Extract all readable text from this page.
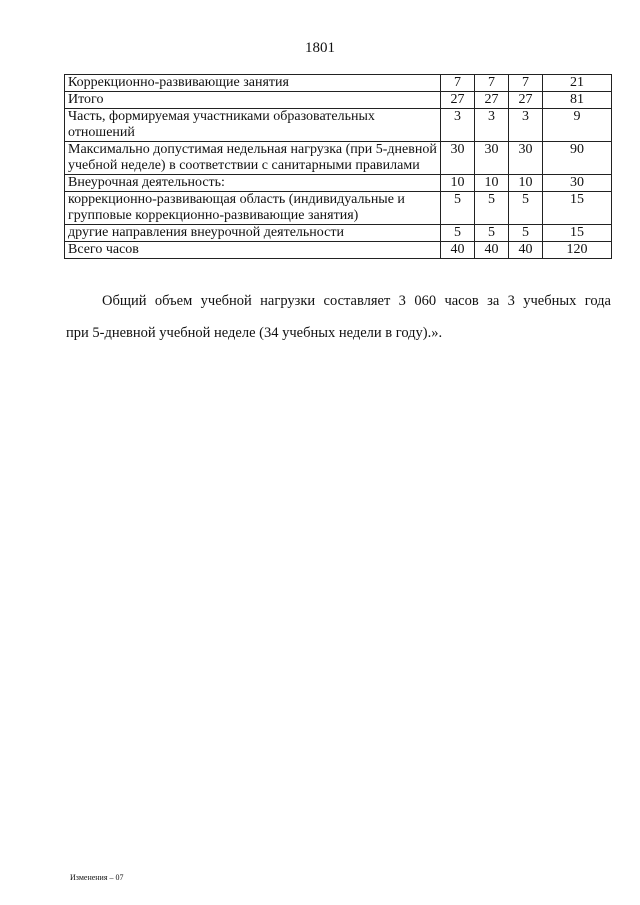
1801
Коррекционно-развивающие занятия	7	7	7	21
Итого	27	27	27	81
Часть, формируемая участниками образовательных отношений	3	3	3	9
Максимально допустимая недельная нагрузка (при 5-дневной учебной неделе) в соответствии с санитарными правилами	30	30	30	90
Внеурочная деятельность:	10	10	10	30
коррекционно-развивающая область (индивидуальные и групповые коррекционно-развивающие занятия)	5	5	5	15
другие направления внеурочной деятельности	5	5	5	15
Всего часов	40	40	40	120
Общий объем учебной нагрузки составляет 3 060 часов за 3 учебных года
при 5-дневной учебной неделе (34 учебных недели в году).».
Изменения – 07
